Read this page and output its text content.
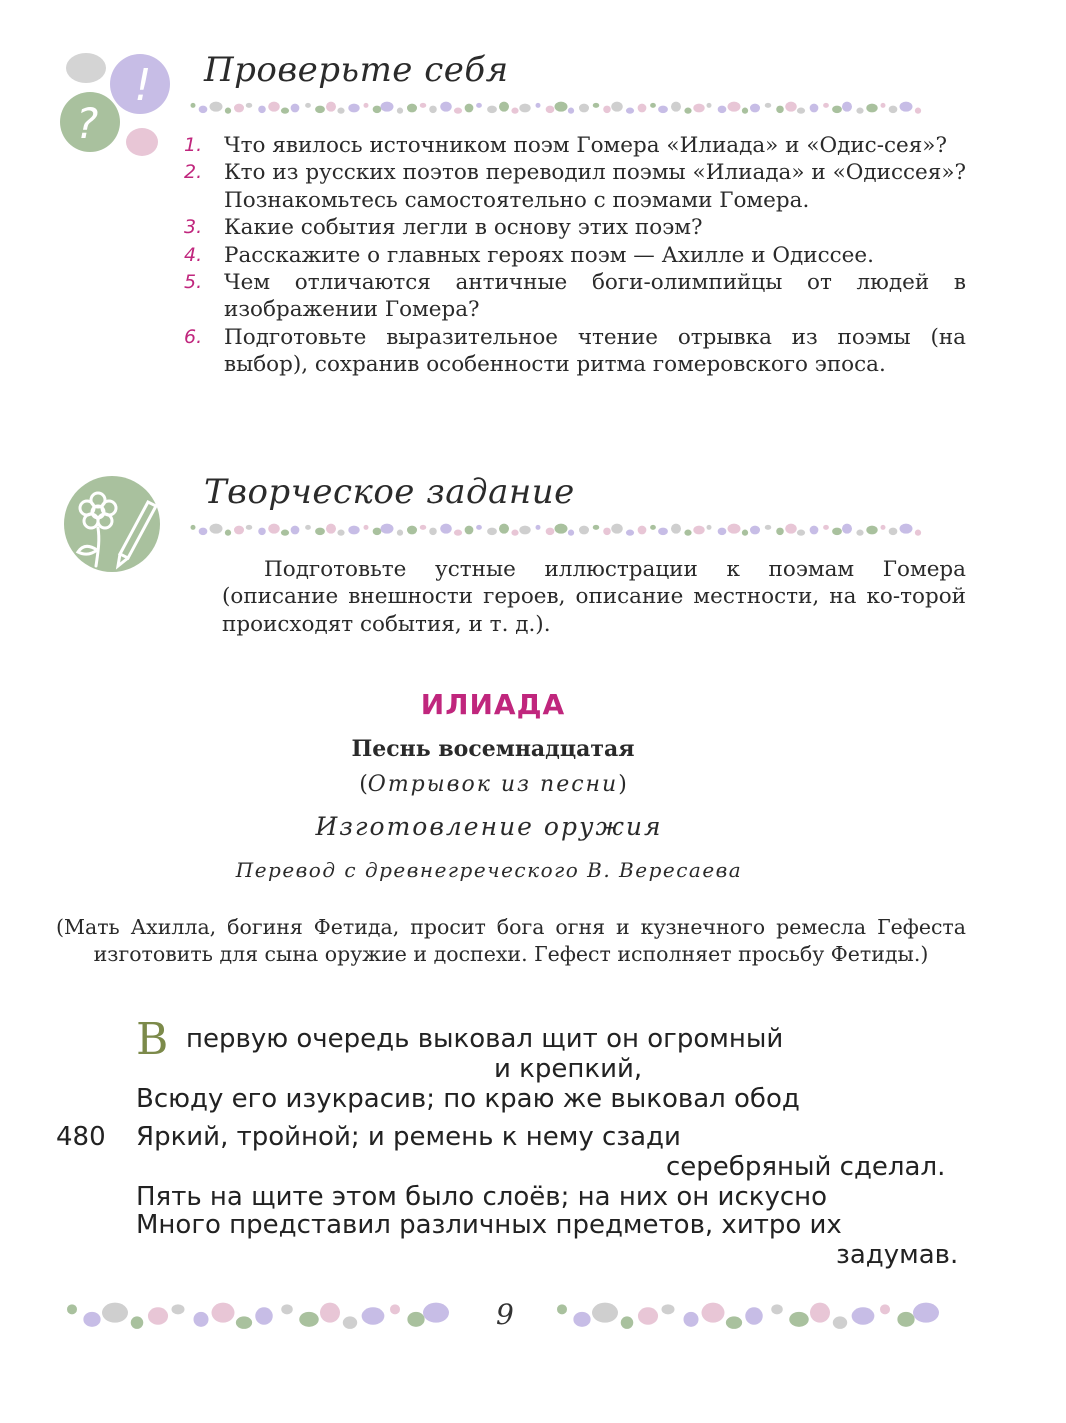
!
?
Проверьте себя
1.	Что явилось источником поэм Гомера «Илиада» и «Одис-сея»?
2.	Кто из русских поэтов переводил поэмы «Илиада» и «Одиссея»? Познакомьтесь самостоятельно с поэмами Гомера.
3.	Какие события легли в основу этих поэм?
4.	Расскажите о главных героях поэм — Ахилле и Одиссее.
5.	Чем отличаются античные боги-олимпийцы от людей в изображении Гомера?
6.	Подготовьте выразительное чтение отрывка из поэмы (на выбор), сохранив особенности ритма гомеровского эпоса.
Творческое задание
Подготовьте устные иллюстрации к поэмам Гомера (описание внешности героев, описание местности, на ко-торой происходят события, и т. д.).
ИЛИАДА
Песнь восемнадцатая
(Отрывок из песни)
Изготовление оружия
Перевод с древнегреческого В. Вересаева
(Мать Ахилла, богиня Фетида, просит бога огня и кузнечного ремесла Гефеста изготовить для сына оружие и доспехи. Гефест исполняет просьбу Фетиды.)
В первую очередь выковал щит он огромный
и крепкий,
Всюду его изукрасив; по краю же выковал обод
Яркий, тройной; и ремень к нему сзади
серебряный сделал.
Пять на щите этом было слоёв; на них он искусно
Много представил различных предметов, хитро их
задумав.
480
9
